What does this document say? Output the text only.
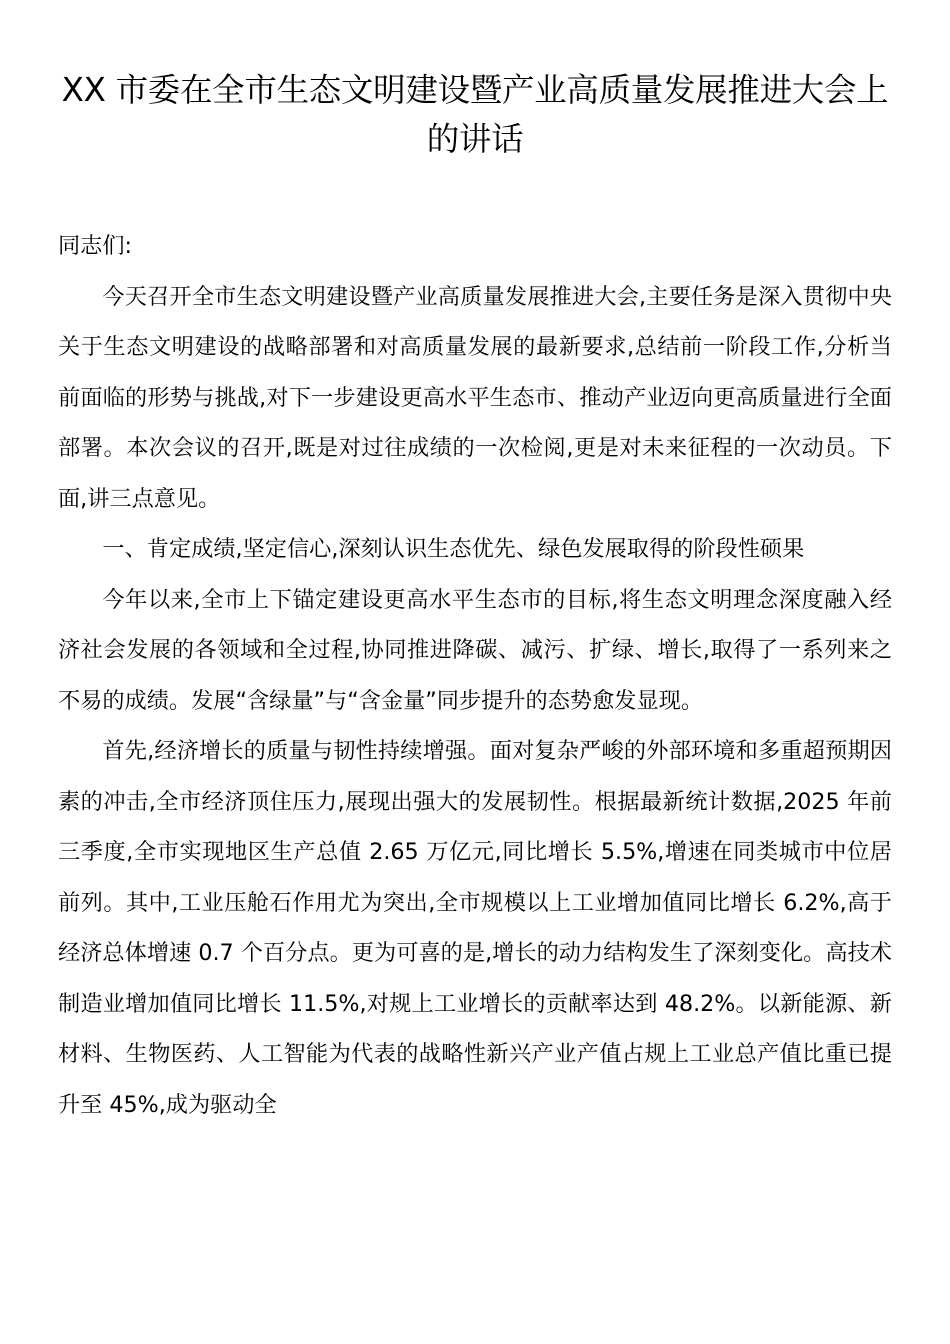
XX 市委在全市生态文明建设暨产业高质量发展推进大会上的讲话

同志们:

今天召开全市生态文明建设暨产业高质量发展推进大会,主要任务是深入贯彻中央关于生态文明建设的战略部署和对高质量发展的最新要求,总结前一阶段工作,分析当前面临的形势与挑战,对下一步建设更高水平生态市、推动产业迈向更高质量进行全面部署。本次会议的召开,既是对过往成绩的一次检阅,更是对未来征程的一次动员。下面,讲三点意见。

一、肯定成绩,坚定信心,深刻认识生态优先、绿色发展取得的阶段性硕果

今年以来,全市上下锚定建设更高水平生态市的目标,将生态文明理念深度融入经济社会发展的各领域和全过程,协同推进降碳、减污、扩绿、增长,取得了一系列来之不易的成绩。发展“含绿量”与“含金量”同步提升的态势愈发显现。

首先,经济增长的质量与韧性持续增强。面对复杂严峻的外部环境和多重超预期因素的冲击,全市经济顶住压力,展现出强大的发展韧性。根据最新统计数据,2025 年前三季度,全市实现地区生产总值 2.65 万亿元,同比增长 5.5%,增速在同类城市中位居前列。其中,工业压舱石作用尤为突出,全市规模以上工业增加值同比增长 6.2%,高于经济总体增速 0.7 个百分点。更为可喜的是,增长的动力结构发生了深刻变化。高技术制造业增加值同比增长 11.5%,对规上工业增长的贡献率达到 48.2%。以新能源、新材料、生物医药、人工智能为代表的战略性新兴产业产值占规上工业总产值比重已提升至 45%,成为驱动全
